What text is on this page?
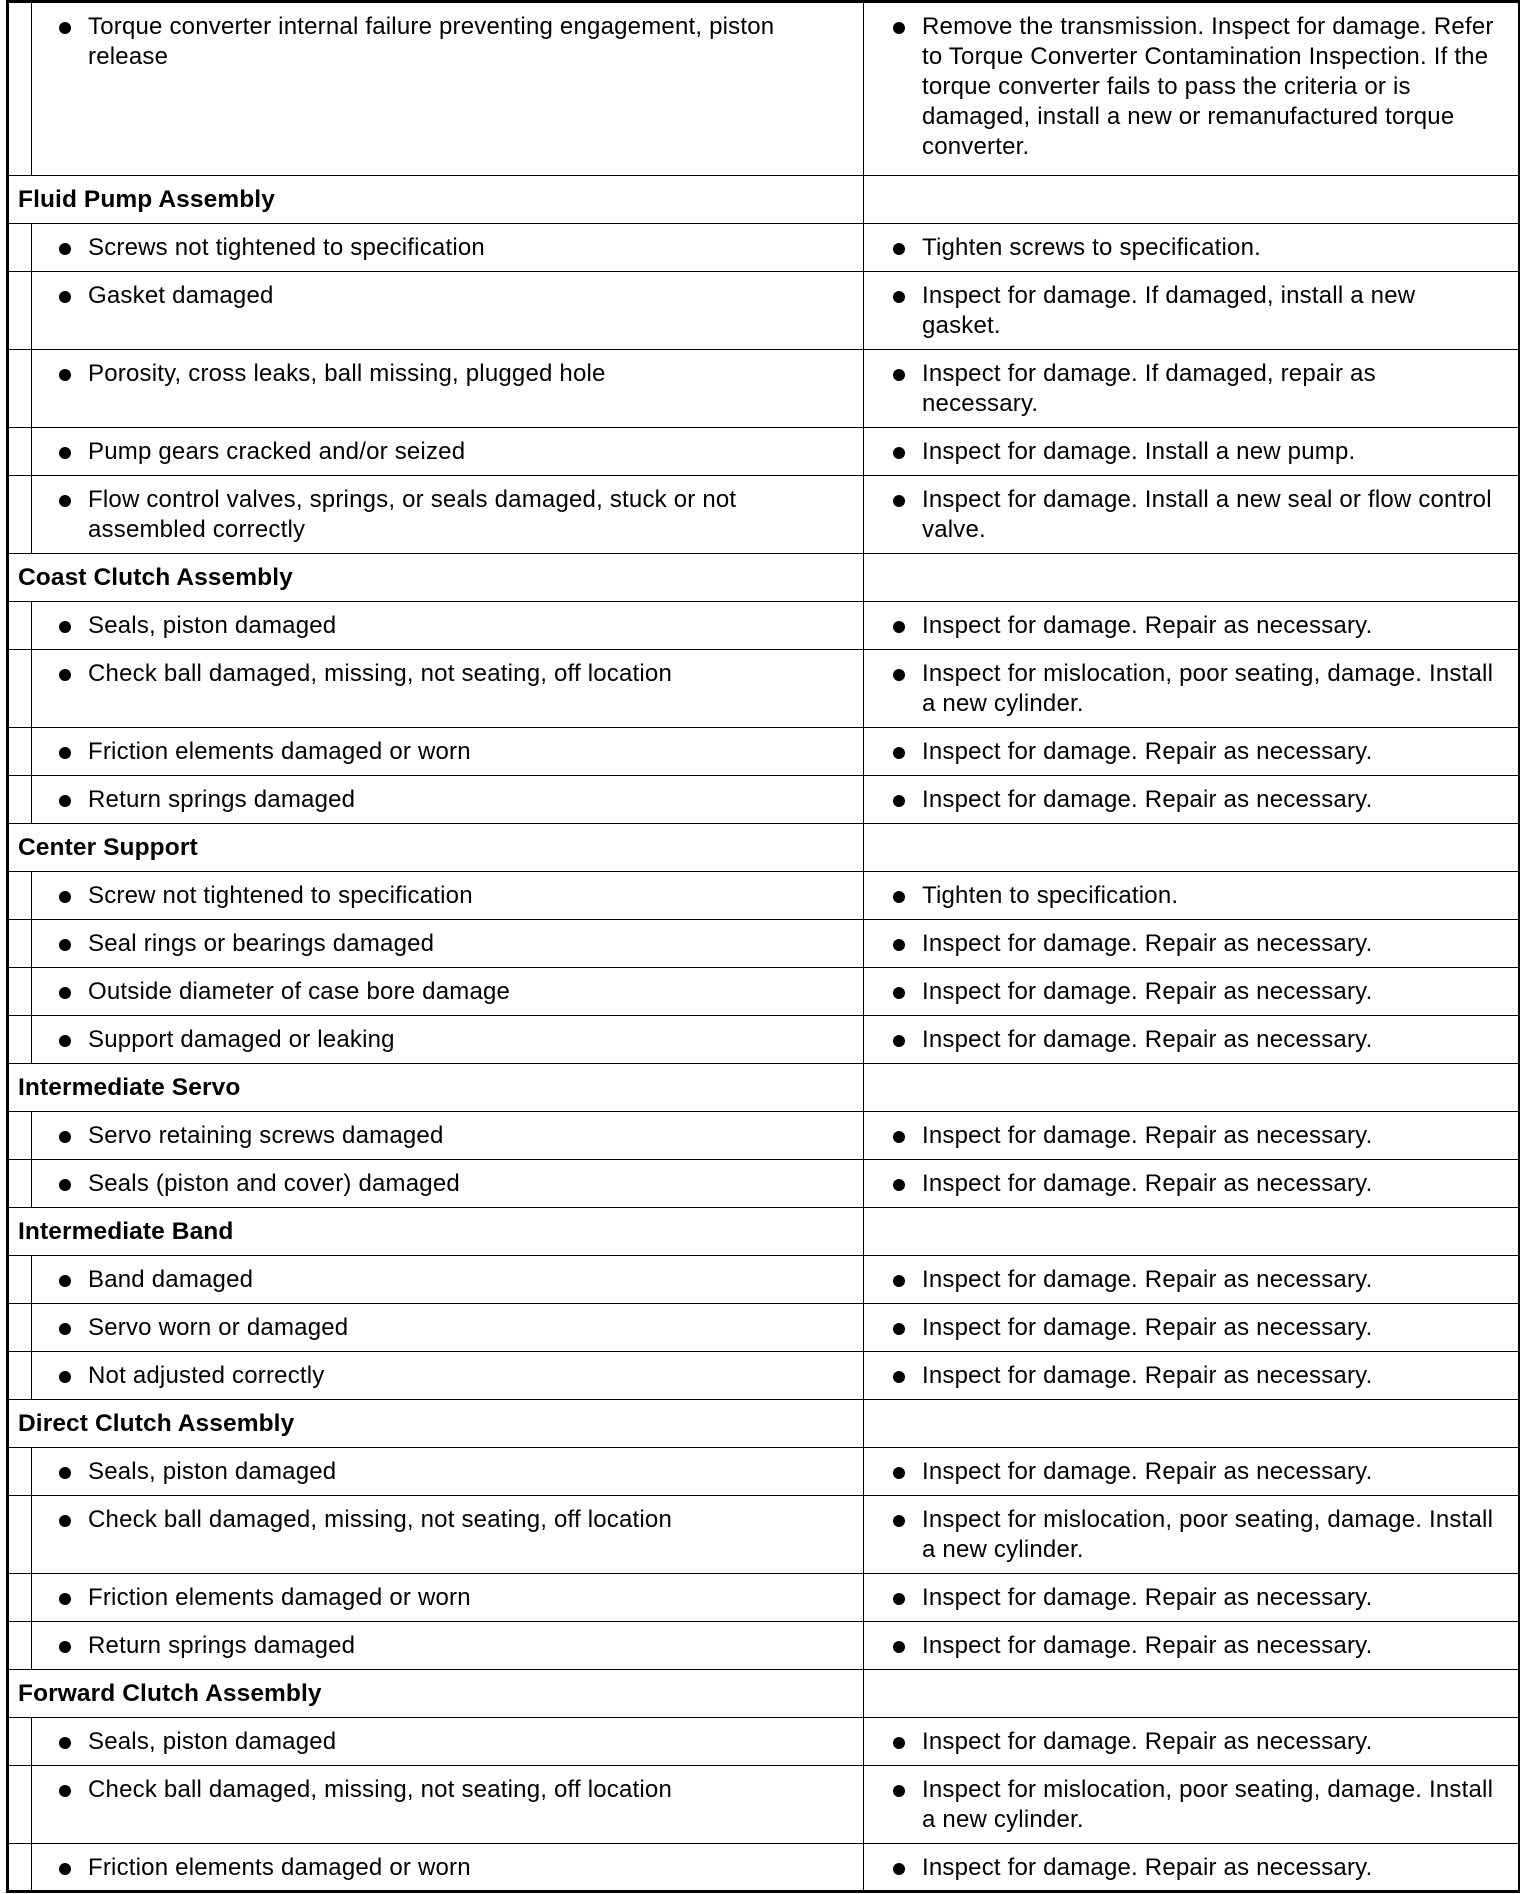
Torque converter internal failure preventing engagement, piston release	Remove the transmission. Inspect for damage. Refer to Torque Converter Contamination Inspection. If the torque converter fails to pass the criteria or is damaged, install a new or remanufactured torque converter.

Fluid Pump Assembly		

Screws not tightened to specification	Tighten screws to specification.

Gasket damaged	Inspect for damage. If damaged, install a new gasket.

Porosity, cross leaks, ball missing, plugged hole	Inspect for damage. If damaged, repair as necessary.

Pump gears cracked and/or seized	Inspect for damage. Install a new pump.

Flow control valves, springs, or seals damaged, stuck or not assembled correctly	Inspect for damage. Install a new seal or flow control valve.

Coast Clutch Assembly		

Seals, piston damaged	Inspect for damage. Repair as necessary.

Check ball damaged, missing, not seating, off location	Inspect for mislocation, poor seating, damage. Install a new cylinder.

Friction elements damaged or worn	Inspect for damage. Repair as necessary.

Return springs damaged	Inspect for damage. Repair as necessary.

Center Support		

Screw not tightened to specification	Tighten to specification.

Seal rings or bearings damaged	Inspect for damage. Repair as necessary.

Outside diameter of case bore damage	Inspect for damage. Repair as necessary.

Support damaged or leaking	Inspect for damage. Repair as necessary.

Intermediate Servo		

Servo retaining screws damaged	Inspect for damage. Repair as necessary.

Seals (piston and cover) damaged	Inspect for damage. Repair as necessary.

Intermediate Band		

Band damaged	Inspect for damage. Repair as necessary.

Servo worn or damaged	Inspect for damage. Repair as necessary.

Not adjusted correctly	Inspect for damage. Repair as necessary.

Direct Clutch Assembly		

Seals, piston damaged	Inspect for damage. Repair as necessary.

Check ball damaged, missing, not seating, off location	Inspect for mislocation, poor seating, damage. Install a new cylinder.

Friction elements damaged or worn	Inspect for damage. Repair as necessary.

Return springs damaged	Inspect for damage. Repair as necessary.

Forward Clutch Assembly		

Seals, piston damaged	Inspect for damage. Repair as necessary.

Check ball damaged, missing, not seating, off location	Inspect for mislocation, poor seating, damage. Install a new cylinder.

Friction elements damaged or worn	Inspect for damage. Repair as necessary.
